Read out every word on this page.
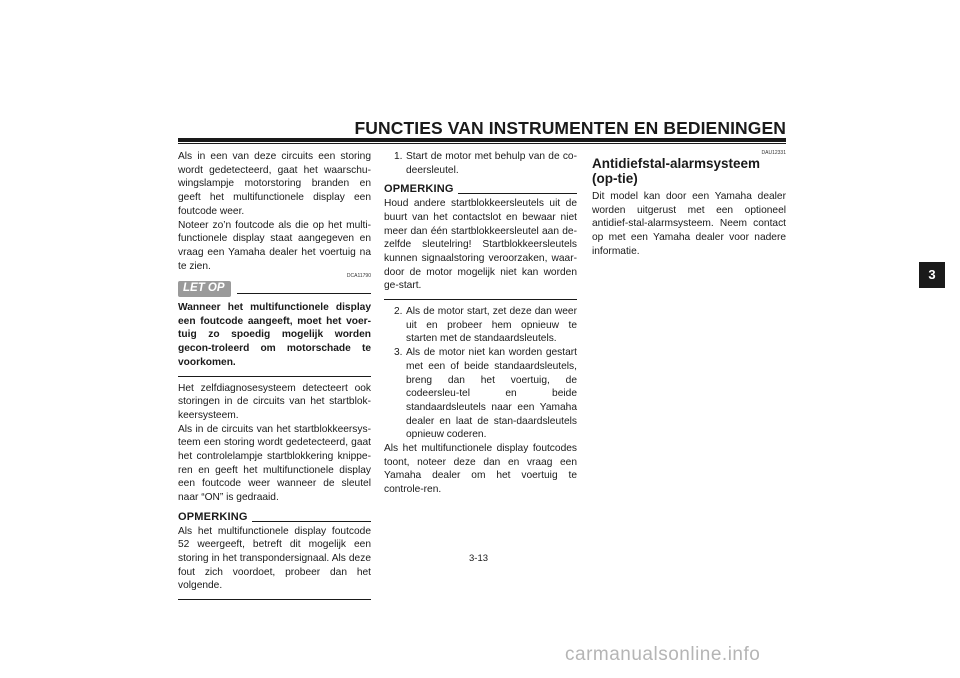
FUNCTIES VAN INSTRUMENTEN EN BEDIENINGEN
3
Als in een van deze circuits een storing wordt gedetecteerd, gaat het waarschu-wingslampje motorstoring branden en geeft het multifunctionele display een foutcode weer.
Noteer zo’n foutcode als die op het multi-functionele display staat aangegeven en vraag een Yamaha dealer het voertuig na te zien.
DCA11790
LET OP
Wanneer het multifunctionele display een foutcode aangeeft, moet het voer-tuig zo spoedig mogelijk worden gecon-troleerd om motorschade te voorkomen.
Het zelfdiagnosesysteem detecteert ook storingen in de circuits van het startblok-keersysteem.
Als in de circuits van het startblokkeersys-teem een storing wordt gedetecteerd, gaat het controlelampje startblokkering knippe-ren en geeft het multifunctionele display een foutcode weer wanneer de sleutel naar “ON” is gedraaid.
OPMERKING
Als het multifunctionele display foutcode 52 weergeeft, betreft dit mogelijk een storing in het transpondersignaal. Als deze fout zich voordoet, probeer dan het volgende.
1. Start de motor met behulp van de co-deersleutel.
OPMERKING
Houd andere startblokkeersleutels uit de buurt van het contactslot en bewaar niet meer dan één startblokkeersleutel aan de-zelfde sleutelring! Startblokkeersleutels kunnen signaalstoring veroorzaken, waar-door de motor mogelijk niet kan worden ge-start.
2. Als de motor start, zet deze dan weer uit en probeer hem opnieuw te starten met de standaardsleutels.
3. Als de motor niet kan worden gestart met een of beide standaardsleutels, breng dan het voertuig, de codeersleu-tel en beide standaardsleutels naar een Yamaha dealer en laat de stan-daardsleutels opnieuw coderen.
Als het multifunctionele display foutcodes toont, noteer deze dan en vraag een Yamaha dealer om het voertuig te controle-ren.
DAU12331
Antidiefstal-alarmsysteem (op-tie)
Dit model kan door een Yamaha dealer worden uitgerust met een optioneel antidief-stal-alarmsysteem. Neem contact op met een Yamaha dealer voor nadere informatie.
3-13
carmanualsonline.info
